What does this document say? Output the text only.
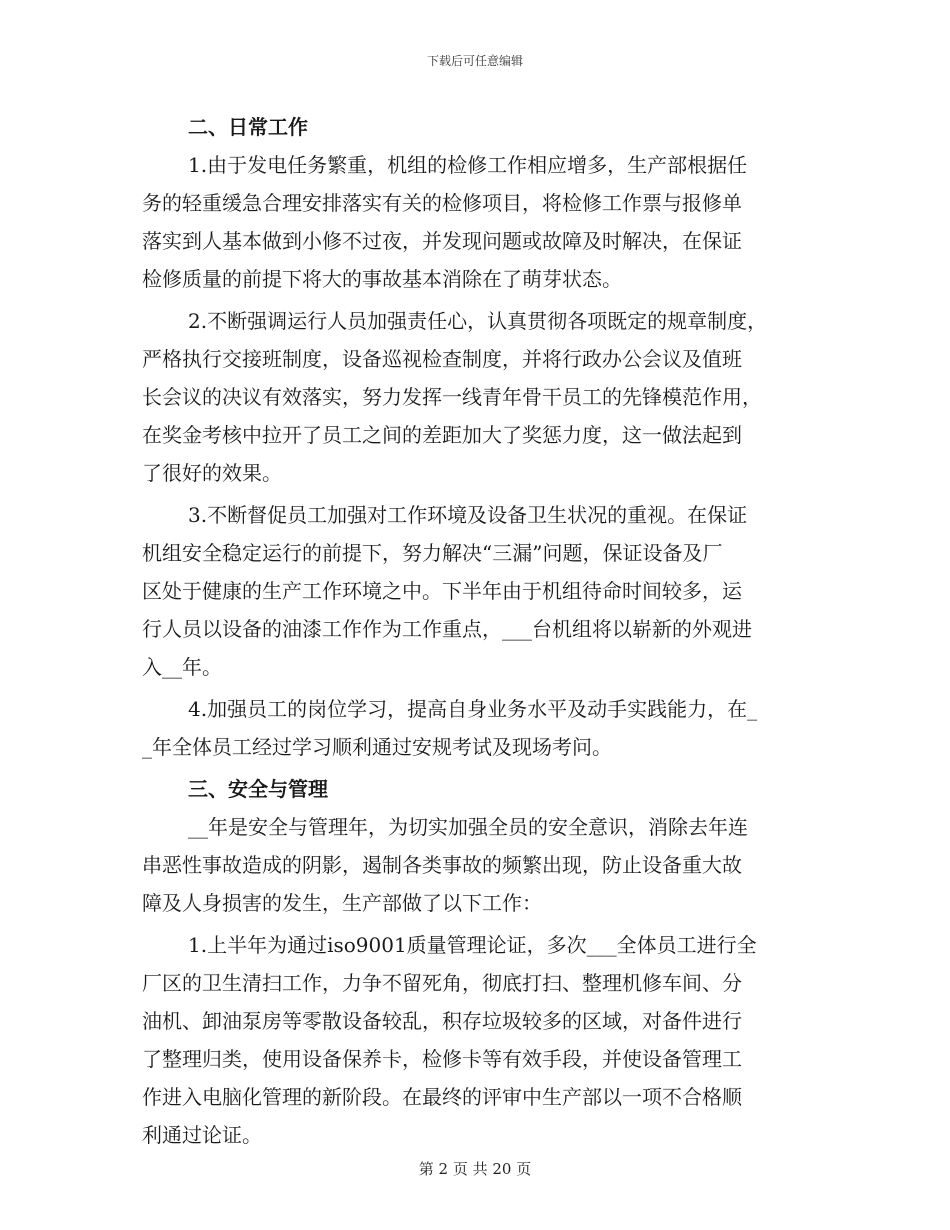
下载后可任意编辑
二、日常工作
1.由于发电任务繁重，机组的检修工作相应增多，生产部根据任
务的轻重缓急合理安排落实有关的检修项目，将检修工作票与报修单
落实到人基本做到小修不过夜，并发现问题或故障及时解决，在保证
检修质量的前提下将大的事故基本消除在了萌芽状态。
2.不断强调运行人员加强责任心，认真贯彻各项既定的规章制度，
严格执行交接班制度，设备巡视检查制度，并将行政办公会议及值班
长会议的决议有效落实，努力发挥一线青年骨干员工的先锋模范作用，
在奖金考核中拉开了员工之间的差距加大了奖惩力度，这一做法起到
了很好的效果。
3.不断督促员工加强对工作环境及设备卫生状况的重视。在保证
机组安全稳定运行的前提下，努力解决“三漏”问题，保证设备及厂
区处于健康的生产工作环境之中。下半年由于机组待命时间较多，运
行人员以设备的油漆工作作为工作重点，___台机组将以崭新的外观进
入__年。
4.加强员工的岗位学习，提高自身业务水平及动手实践能力，在_
_年全体员工经过学习顺利通过安规考试及现场考问。
三、安全与管理
__年是安全与管理年，为切实加强全员的安全意识，消除去年连
串恶性事故造成的阴影，遏制各类事故的频繁出现，防止设备重大故
障及人身损害的发生，生产部做了以下工作：
1.上半年为通过iso9001质量管理论证，多次___全体员工进行全
厂区的卫生清扫工作，力争不留死角，彻底打扫、整理机修车间、分
油机、卸油泵房等零散设备较乱，积存垃圾较多的区域，对备件进行
了整理归类，使用设备保养卡，检修卡等有效手段，并使设备管理工
作进入电脑化管理的新阶段。在最终的评审中生产部以一项不合格顺
利通过论证。
第 2 页 共 20 页
